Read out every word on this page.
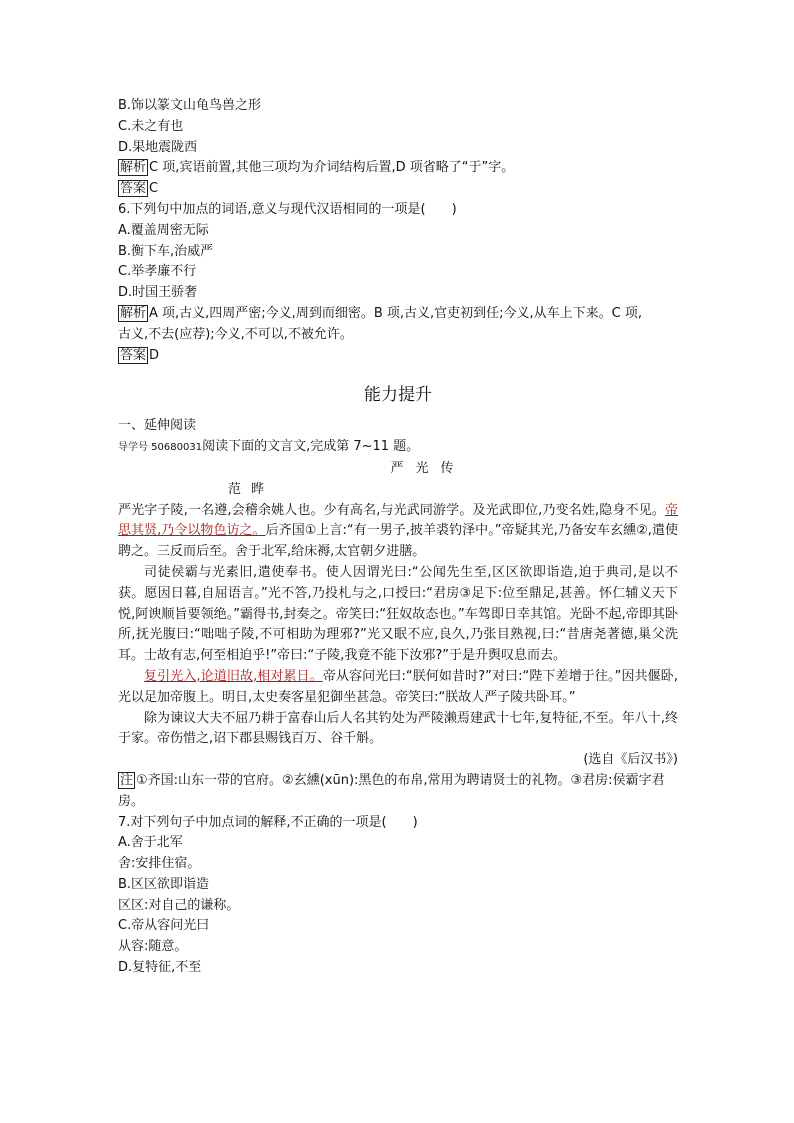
B.饰以篆文山龟鸟兽之形
C.未之有也
D.果地震陇西
解析 C 项,宾语前置,其他三项均为介词结构后置,D 项省略了“于”字。
答案 C
6.下列句中加点的词语,意义与现代汉语相同的一项是(　　)
A.覆盖周密无际
B.衡下车,治威严
C.举孝廉不行
D.时国王骄奢
解析 A 项,古义,四周严密;今义,周到而细密。B 项,古义,官吏初到任;今义,从车上下来。C 项,
古义,不去(应荐);今义,不可以,不被允许。
答案 D
能力提升
一、延伸阅读
导学号 50680031阅读下面的文言文,完成第 7~11 题。
严光传
范晔
严光字子陵,一名遵,会稽余姚人也。少有高名,与光武同游学。及光武即位,乃变名姓,隐身不见。帝思其贤,乃令以物色访之。后齐国①上言:“有一男子,披羊裘钓泽中。”帝疑其光,乃备安车玄纁②,遣使聘之。三反而后至。舍于北军,给床褥,太官朝夕进膳。
司徒侯霸与光素旧,遣使奉书。使人因谓光曰:“公闻先生至,区区欲即诣造,迫于典司,是以不获。愿因日暮,自屈语言。”光不答,乃投札与之,口授曰:“君房③足下:位至鼎足,甚善。怀仁辅义天下悦,阿谀顺旨要领绝。”霸得书,封奏之。帝笑曰:“狂奴故态也。”车驾即日幸其馆。光卧不起,帝即其卧所,抚光腹曰:“咄咄子陵,不可相助为理邪?”光又眠不应,良久,乃张目熟视,曰:“昔唐尧著德,巢父洗耳。士故有志,何至相迫乎!”帝曰:“子陵,我竟不能下汝邪?”于是升舆叹息而去。
复引光入,论道旧故,相对累日。帝从容问光曰:“朕何如昔时?”对曰:“陛下差增于往。”因共偃卧,光以足加帝腹上。明日,太史奏客星犯御坐甚急。帝笑曰:“朕故人严子陵共卧耳。”
除为谏议大夫不屈乃耕于富春山后人名其钓处为严陵濑焉建武十七年,复特征,不至。年八十,终于家。帝伤惜之,诏下郡县赐钱百万、谷千斛。
(选自《后汉书》)
注 ①齐国:山东一带的官府。②玄纁(xūn):黑色的布帛,常用为聘请贤士的礼物。③君房:侯霸字君房。
7.对下列句子中加点词的解释,不正确的一项是(　　)
A.舍于北军
舍:安排住宿。
B.区区欲即诣造
区区:对自己的谦称。
C.帝从容问光曰
从容:随意。
D.复特征,不至
